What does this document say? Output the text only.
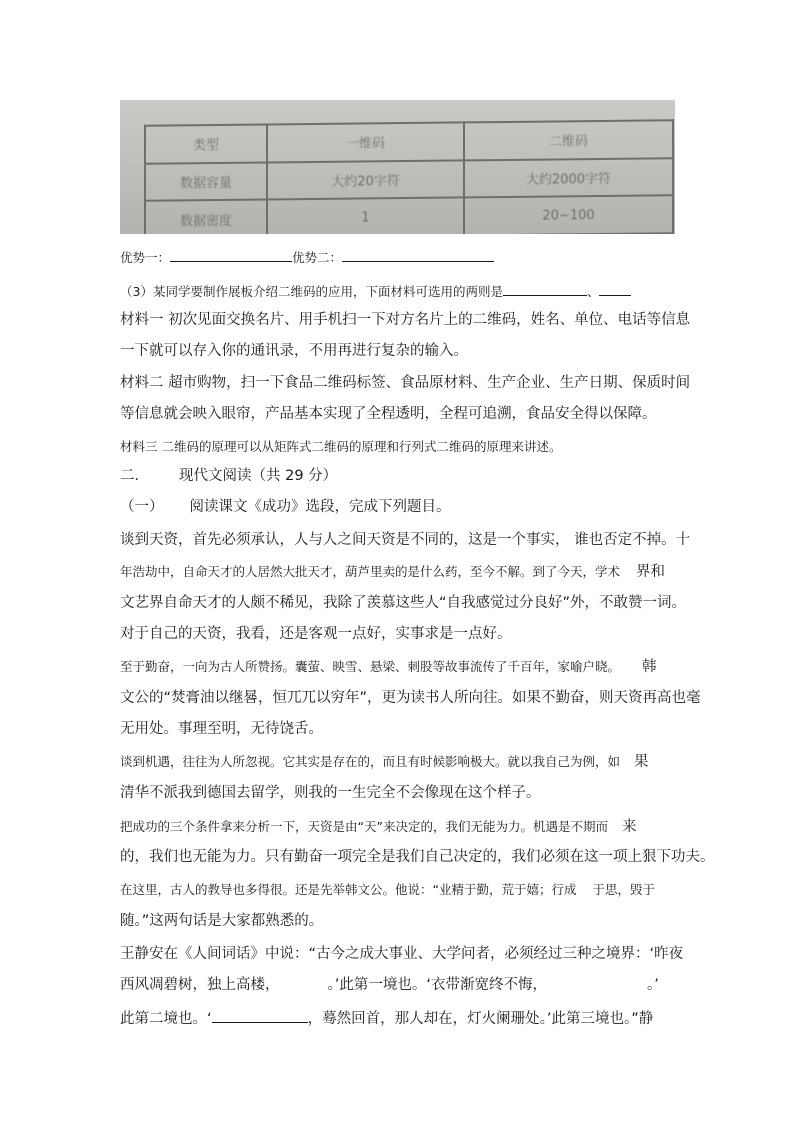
类型	一维码	二维码
数据容量	大约20字符	大约2000字符
数据密度	1	20~100
优势一：	优势二：
（3）某同学要制作展板介绍二维码的应用，下面材料可选用的两则是	、
材料一 初次见面交换名片、用手机扫一下对方名片上的二维码，姓名、单位、电话等信息
一下就可以存入你的通讯录，不用再进行复杂的输入。
材料二 超市购物，扫一下食品二维码标签、食品原材料、生产企业、生产日期、保质时间
等信息就会映入眼帘，产品基本实现了全程透明，全程可追溯，食品安全得以保障。
材料三 二维码的原理可以从矩阵式二维码的原理和行列式二维码的原理来讲述。
二． 现代文阅读（共 29 分）
（一） 阅读课文《成功》选段，完成下列题目。
谈到天资，首先必须承认，人与人之间天资是不同的，这是一个事实， 谁也否定不掉。十
年浩劫中，自命天才的人居然大批天才，葫芦里卖的是什么药，至今不解。到了今天，学术 界和
文艺界自命天才的人颇不稀见，我除了羡慕这些人“自我感觉过分良好”外，不敢赞一词。
对于自己的天资，我看，还是客观一点好，实事求是一点好。
至于勤奋，一向为古人所赞扬。囊萤、映雪、悬梁、刺股等故事流传了千百年，家喻户晓。 韩
文公的“焚膏油以继晷，恒兀兀以穷年”，更为读书人所向往。如果不勤奋，则天资再高也毫
无用处。事理至明，无待饶舌。
谈到机遇，往往为人所忽视。它其实是存在的，而且有时候影响极大。就以我自己为例，如 果
清华不派我到德国去留学，则我的一生完全不会像现在这个样子。
把成功的三个条件拿来分析一下，天资是由“天”来决定的，我们无能为力。机遇是不期而 来
的，我们也无能为力。只有勤奋一项完全是我们自己决定的，我们必须在这一项上狠下功夫。
在这里，古人的教导也多得很。还是先举韩文公。他说：“业精于勤，荒于嬉；行成 于思，毁于
随。”这两句话是大家都熟悉的。
王静安在《人间词话》中说：“古今之成大事业、大学问者，必须经过三种之境界：‘昨夜
西风凋碧树，独上高楼，	。’此第一境也。‘衣带渐宽终不悔，	。’
此第二境也。‘	，蓦然回首，那人却在，灯火阑珊处。’此第三境也。”静
